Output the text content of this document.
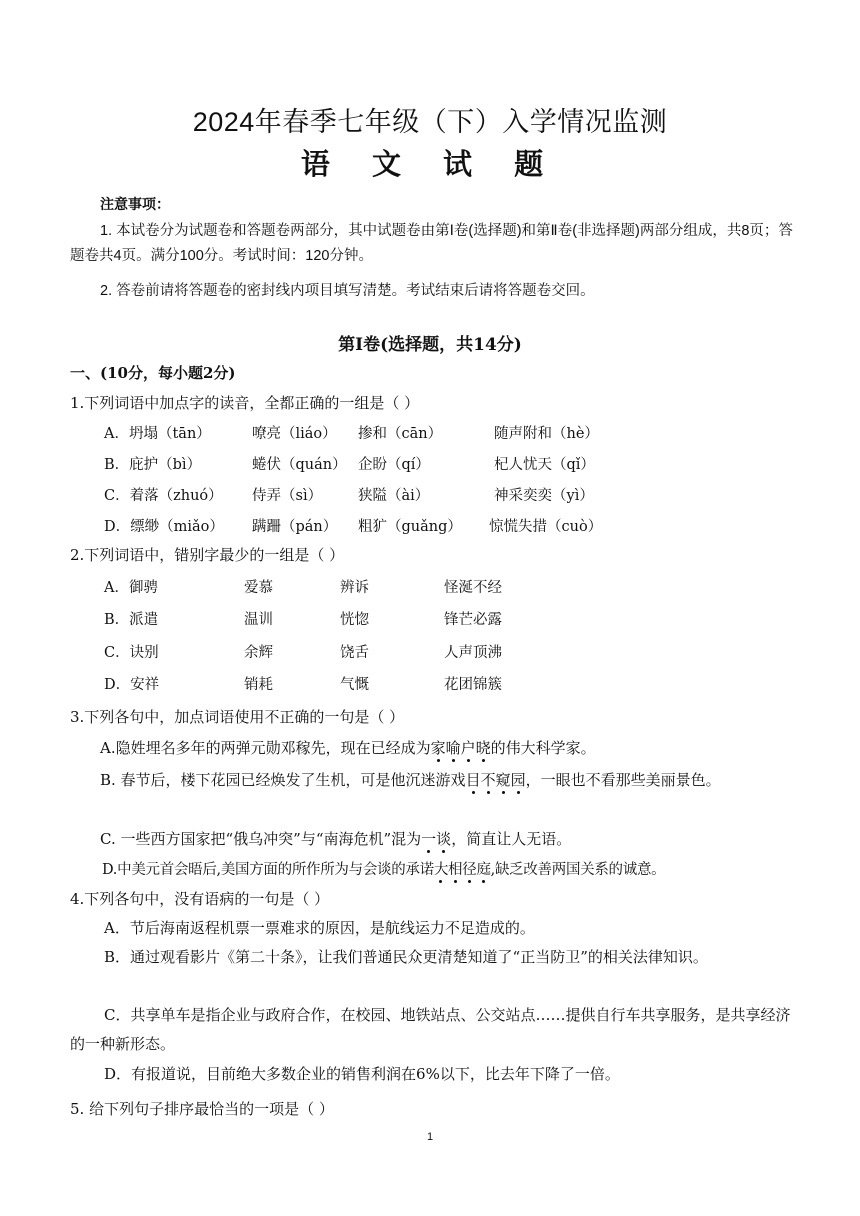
2024年春季七年级（下）入学情况监测
语 文 试 题
注意事项：
1. 本试卷分为试题卷和答题卷两部分，其中试题卷由第Ⅰ卷(选择题)和第Ⅱ卷(非选择题)两部分组成，共8页；答题卷共4页。满分100分。考试时间：120分钟。
2. 答卷前请将答题卷的密封线内项目填写清楚。考试结束后请将答题卷交回。
第Ⅰ卷(选择题，共14分)
一、(10分，每小题2分)
1.下列词语中加点字的读音，全都正确的一组是（ ）
A．坍塌（tān）	嘹亮（liáo） 掺和（cān）	随声附和（hè）
B．庇护（bì）	蜷伏（quán） 企盼（qí）	杞人忧天（qǐ）
C．着落（zhuó） 侍弄（sì） 狭隘（ài）	神采奕奕（yì）
D．缥缈（miǎo） 蹒跚（pán） 粗犷（guǎng） 惊慌失措（cuò）
2.下列词语中，错别字最少的一组是（ ）
A．御骋	爱慕	辨诉	怪涎不经
B．派遣	温训	恍惚	锋芒必露
C．诀别	余辉	饶舌	人声顶沸
D．安祥	销耗	气慨	花团锦簇
3.下列各句中，加点词语使用不正确的一句是（ ）
A.隐姓埋名多年的两弹元勋邓稼先，现在已经成为家喻户晓的伟大科学家。
B. 春节后，楼下花园已经焕发了生机，可是他沉迷游戏目不窥园，一眼也不看那些美丽景色。
C. 一些西方国家把“俄乌冲突”与“南海危机”混为一谈，简直让人无语。
D.中美元首会晤后,美国方面的所作所为与会谈的承诺大相径庭,缺乏改善两国关系的诚意。
4.下列各句中，没有语病的一句是（ ）
A．节后海南返程机票一票难求的原因，是航线运力不足造成的。
B．通过观看影片《第二十条》，让我们普通民众更清楚知道了“正当防卫”的相关法律知识。
C．共享单车是指企业与政府合作，在校园、地铁站点、公交站点……提供自行车共享服务，是共享经济的一种新形态。
D．有报道说，目前绝大多数企业的销售利润在6%以下，比去年下降了一倍。
5. 给下列句子排序最恰当的一项是（ ）
1
